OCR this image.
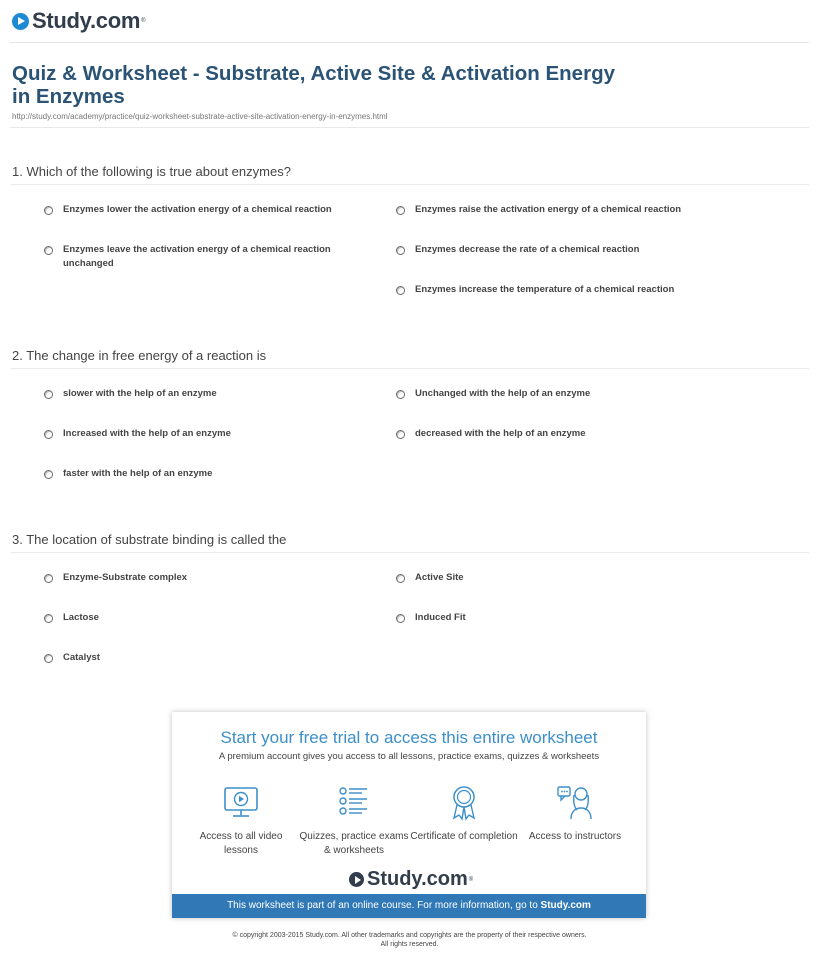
Study.com ®
Quiz & Worksheet - Substrate, Active Site & Activation Energy in Enzymes
http://study.com/academy/practice/quiz-worksheet-substrate-active-site-activation-energy-in-enzymes.html
1. Which of the following is true about enzymes?
Enzymes lower the activation energy of a chemical reaction	Enzymes raise the activation energy of a chemical reaction
Enzymes leave the activation energy of a chemical reaction unchanged
Enzymes decrease the rate of a chemical reaction
Enzymes increase the temperature of a chemical reaction
2. The change in free energy of a reaction is
slower with the help of an enzyme	Unchanged with the help of an enzyme
Increased with the help of an enzyme	decreased with the help of an enzyme
faster with the help of an enzyme
3. The location of substrate binding is called the
Enzyme-Substrate complex	Active Site
Lactose	Induced Fit
Catalyst
Start your free trial to access this entire worksheet
A premium account gives you access to all lessons, practice exams, quizzes & worksheets
Access to all video lessons
Quizzes, practice exams & worksheets
Certificate of completion	Access to instructors
Study.com ®
This worksheet is part of an online course. For more information, go to Study.com
© copyright 2003-2015 Study.com. All other trademarks and copyrights are the property of their respective owners.
All rights reserved.
